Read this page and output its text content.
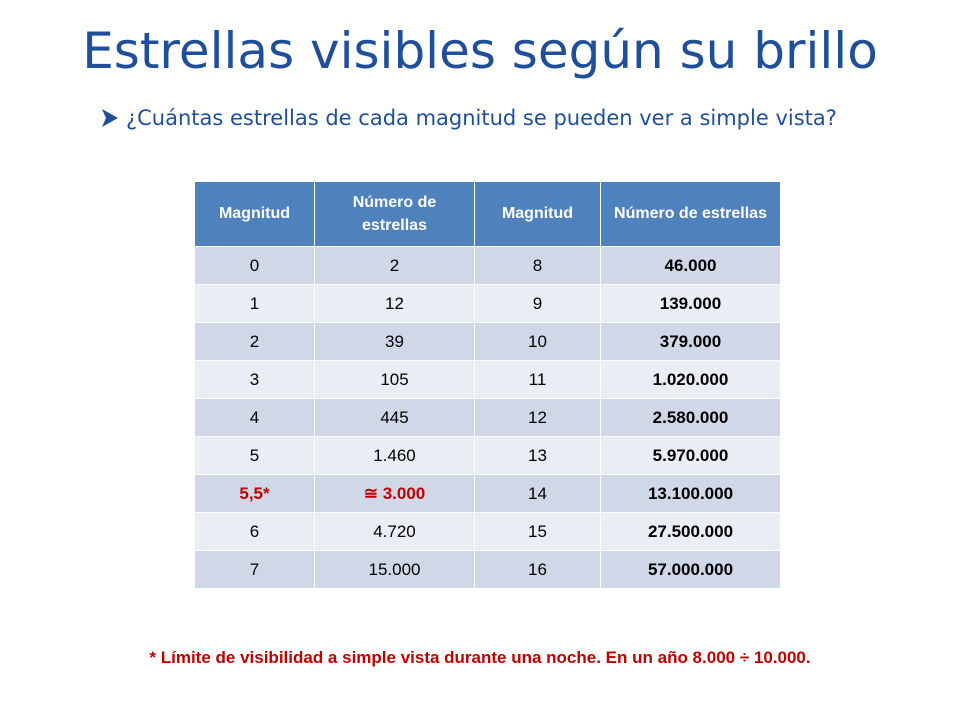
Estrellas visibles según su brillo
¿Cuántas estrellas de cada magnitud se pueden ver a simple vista?
Magnitud	Número de estrellas	Magnitud	Número de estrellas
0	2	8	46.000
1	12	9	139.000
2	39	10	379.000
3	105	11	1.020.000
4	445	12	2.580.000
5	1.460	13	5.970.000
5,5*	≅ 3.000	14	13.100.000
6	4.720	15	27.500.000
7	15.000	16	57.000.000
* Límite de visibilidad a simple vista durante una noche. En un año 8.000 ÷ 10.000.
